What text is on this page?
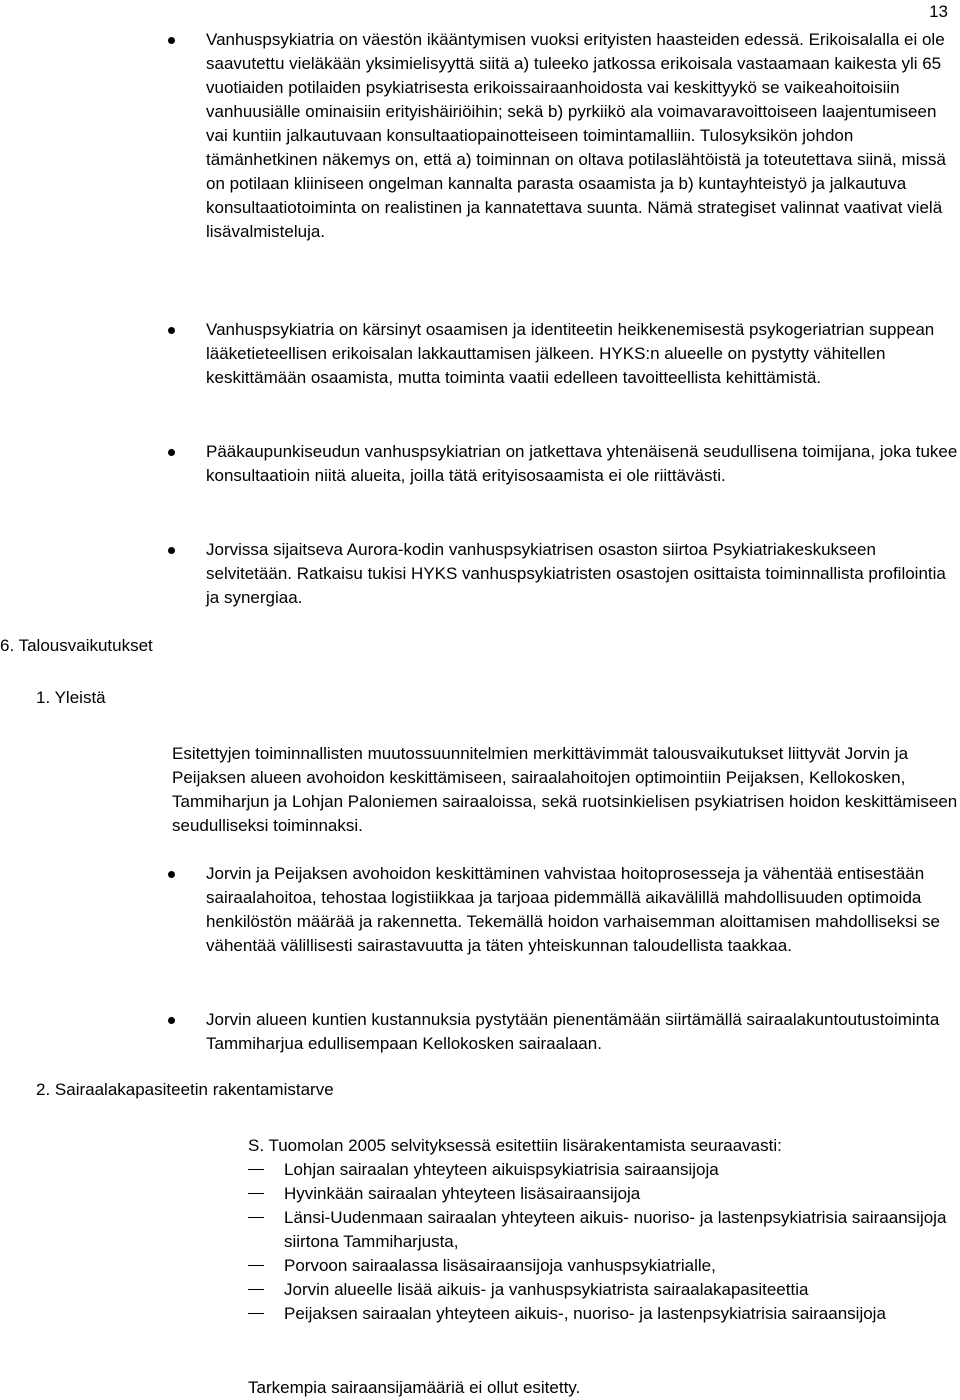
13
Vanhuspsykiatria on väestön ikääntymisen vuoksi erityisten haasteiden edessä. Erikoisalalla ei ole saavutettu vieläkään yksimielisyyttä siitä a) tuleeko jatkossa erikoisala vastaamaan kaikesta yli 65 vuotiaiden potilaiden psykiatrisesta erikoissairaanhoidosta vai keskittyykö se vaikeahoitoisiin vanhuusiälle ominaisiin erityishäiriöihin; sekä b) pyrkiikö ala voimavaravoittoiseen laajentumiseen vai kuntiin jalkautuvaan konsultaatiopainotteiseen toimintamalliin. Tulosyksikön johdon tämänhetkinen näkemys on, että a) toiminnan on oltava potilaslähtöistä ja toteutettava siinä, missä on potilaan kliiniseen ongelman kannalta parasta osaamista ja b) kuntayhteistyö ja jalkautuva konsultaatiotoiminta on realistinen ja kannatettava suunta. Nämä strategiset valinnat vaativat vielä lisävalmisteluja.
Vanhuspsykiatria on kärsinyt osaamisen ja identiteetin heikkenemisestä psykogeriatrian suppean lääketieteellisen erikoisalan lakkauttamisen jälkeen. HYKS:n alueelle on pystytty vähitellen keskittämään osaamista, mutta toiminta vaatii edelleen tavoitteellista kehittämistä.
Pääkaupunkiseudun vanhuspsykiatrian on jatkettava yhtenäisenä seudullisena toimijana, joka tukee konsultaatioin niitä alueita, joilla tätä erityisosaamista ei ole riittävästi.
Jorvissa sijaitseva Aurora-kodin vanhuspsykiatrisen osaston siirtoa Psykiatriakeskukseen selvitetään. Ratkaisu tukisi HYKS vanhuspsykiatristen osastojen osittaista toiminnallista profilointia ja synergiaa.
6. Talousvaikutukset
1. Yleistä
Esitettyjen toiminnallisten muutossuunnitelmien merkittävimmät talousvaikutukset liittyvät Jorvin ja Peijaksen alueen avohoidon keskittämiseen, sairaalahoitojen optimointiin Peijaksen, Kellokosken, Tammiharjun ja Lohjan Paloniemen sairaaloissa, sekä ruotsinkielisen psykiatrisen hoidon keskittämiseen seudulliseksi toiminnaksi.
Jorvin ja Peijaksen avohoidon keskittäminen vahvistaa hoitoprosesseja ja vähentää entisestään sairaalahoitoa, tehostaa logistiikkaa ja tarjoaa pidemmällä aikavälillä mahdollisuuden optimoida henkilöstön määrää ja rakennetta. Tekemällä hoidon varhaisemman aloittamisen mahdolliseksi se vähentää välillisesti sairastavuutta ja täten yhteiskunnan taloudellista taakkaa.
Jorvin alueen kuntien kustannuksia pystytään pienentämään siirtämällä sairaalakuntoutustoiminta Tammiharjua edullisempaan Kellokosken sairaalaan.
2. Sairaalakapasiteetin rakentamistarve
S. Tuomolan 2005 selvityksessä esitettiin lisärakentamista seuraavasti:
Lohjan sairaalan yhteyteen aikuispsykiatrisia sairaansijoja
Hyvinkään sairaalan yhteyteen lisäsairaansijoja
Länsi-Uudenmaan sairaalan yhteyteen aikuis- nuoriso- ja lastenpsykiatrisia sairaansijoja siirtona Tammiharjusta,
Porvoon sairaalassa lisäsairaansijoja vanhuspsykiatrialle,
Jorvin alueelle lisää aikuis- ja vanhuspsykiatrista sairaalakapasiteettia
Peijaksen sairaalan yhteyteen aikuis-, nuoriso- ja lastenpsykiatrisia sairaansijoja
Tarkempia sairaansijamääriä ei ollut esitetty.
